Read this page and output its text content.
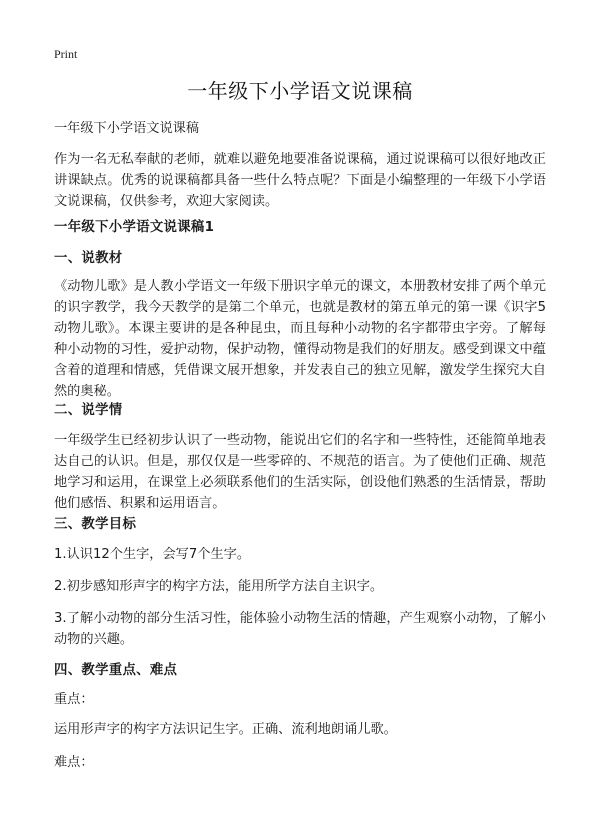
Print
一年级下小学语文说课稿
一年级下小学语文说课稿
作为一名无私奉献的老师，就难以避免地要准备说课稿，通过说课稿可以很好地改正讲课缺点。优秀的说课稿都具备一些什么特点呢？下面是小编整理的一年级下小学语文说课稿，仅供参考，欢迎大家阅读。
一年级下小学语文说课稿1
一、说教材
《动物儿歌》是人教小学语文一年级下册识字单元的课文，本册教材安排了两个单元的识字教学，我今天教学的是第二个单元，也就是教材的第五单元的第一课《识字5动物儿歌》。本课主要讲的是各种昆虫，而且每种小动物的名字都带虫字旁。了解每种小动物的习性，爱护动物，保护动物，懂得动物是我们的好朋友。感受到课文中蕴含着的道理和情感，凭借课文展开想象，并发表自己的独立见解，激发学生探究大自然的奥秘。
二、说学情
一年级学生已经初步认识了一些动物，能说出它们的名字和一些特性，还能简单地表达自己的认识。但是，那仅仅是一些零碎的、不规范的语言。为了使他们正确、规范地学习和运用，在课堂上必须联系他们的生活实际，创设他们熟悉的生活情景，帮助他们感悟、积累和运用语言。
三、教学目标
1.认识12个生字，会写7个生字。
2.初步感知形声字的构字方法，能用所学方法自主识字。
3.了解小动物的部分生活习性，能体验小动物生活的情趣，产生观察小动物，了解小动物的兴趣。
四、教学重点、难点
重点：
运用形声字的构字方法识记生字。正确、流利地朗诵儿歌。
难点：
